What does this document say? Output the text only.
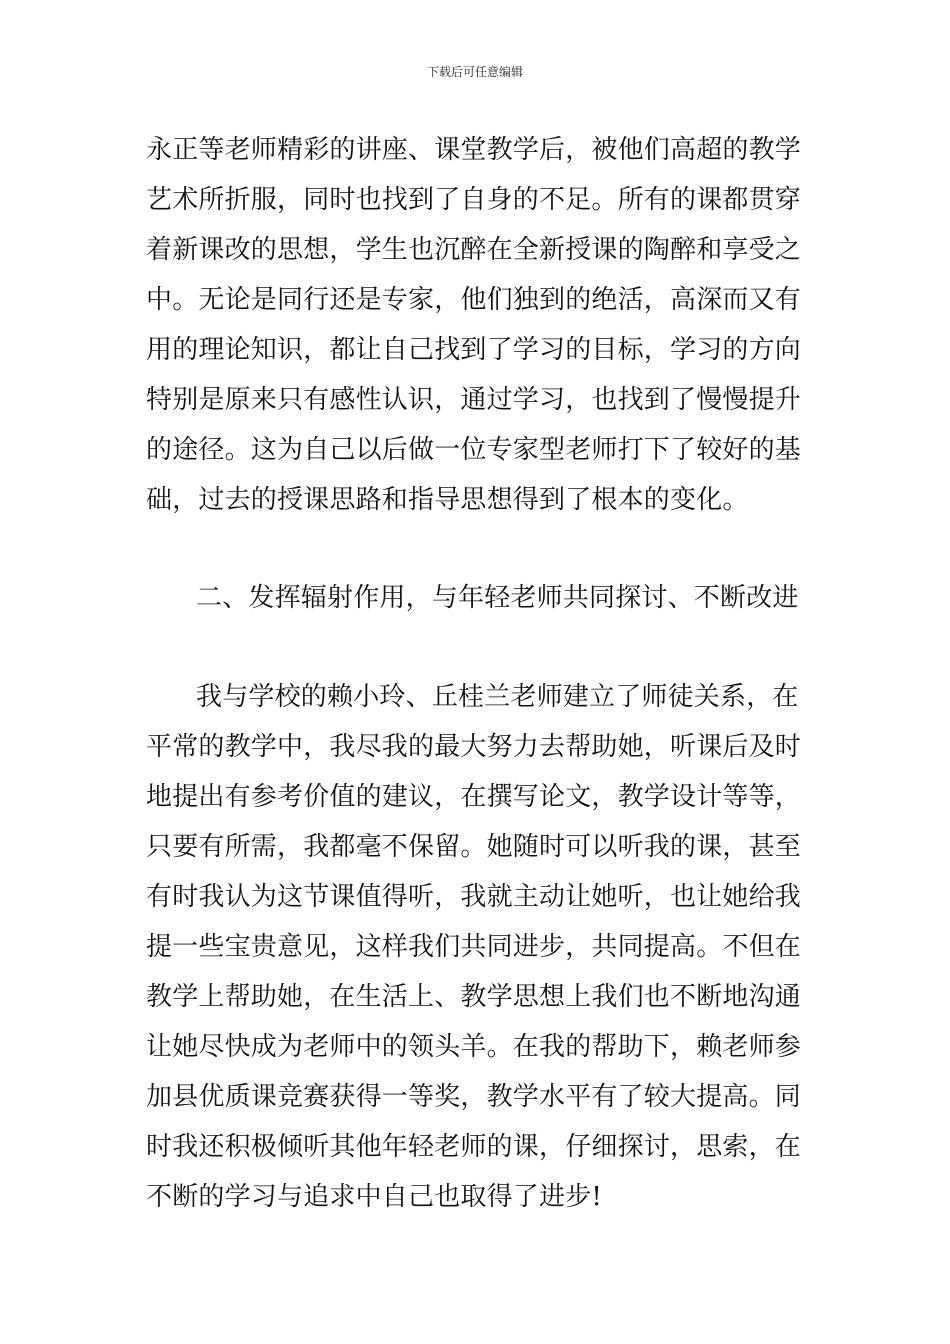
下载后可任意编辑
永正等老师精彩的讲座、课堂教学后，被他们高超的教学
艺术所折服，同时也找到了自身的不足。所有的课都贯穿
着新课改的思想，学生也沉醉在全新授课的陶醉和享受之
中。无论是同行还是专家，他们独到的绝活，高深而又有
用的理论知识，都让自己找到了学习的目标，学习的方向
特别是原来只有感性认识，通过学习，也找到了慢慢提升
的途径。这为自己以后做一位专家型老师打下了较好的基
础，过去的授课思路和指导思想得到了根本的变化。
二、发挥辐射作用，与年轻老师共同探讨、不断改进
我与学校的赖小玲、丘桂兰老师建立了师徒关系，在
平常的教学中，我尽我的最大努力去帮助她，听课后及时
地提出有参考价值的建议，在撰写论文，教学设计等等，
只要有所需，我都毫不保留。她随时可以听我的课，甚至
有时我认为这节课值得听，我就主动让她听，也让她给我
提一些宝贵意见，这样我们共同进步，共同提高。不但在
教学上帮助她，在生活上、教学思想上我们也不断地沟通
让她尽快成为老师中的领头羊。在我的帮助下，赖老师参
加县优质课竞赛获得一等奖，教学水平有了较大提高。同
时我还积极倾听其他年轻老师的课，仔细探讨，思索，在
不断的学习与追求中自己也取得了进步!
